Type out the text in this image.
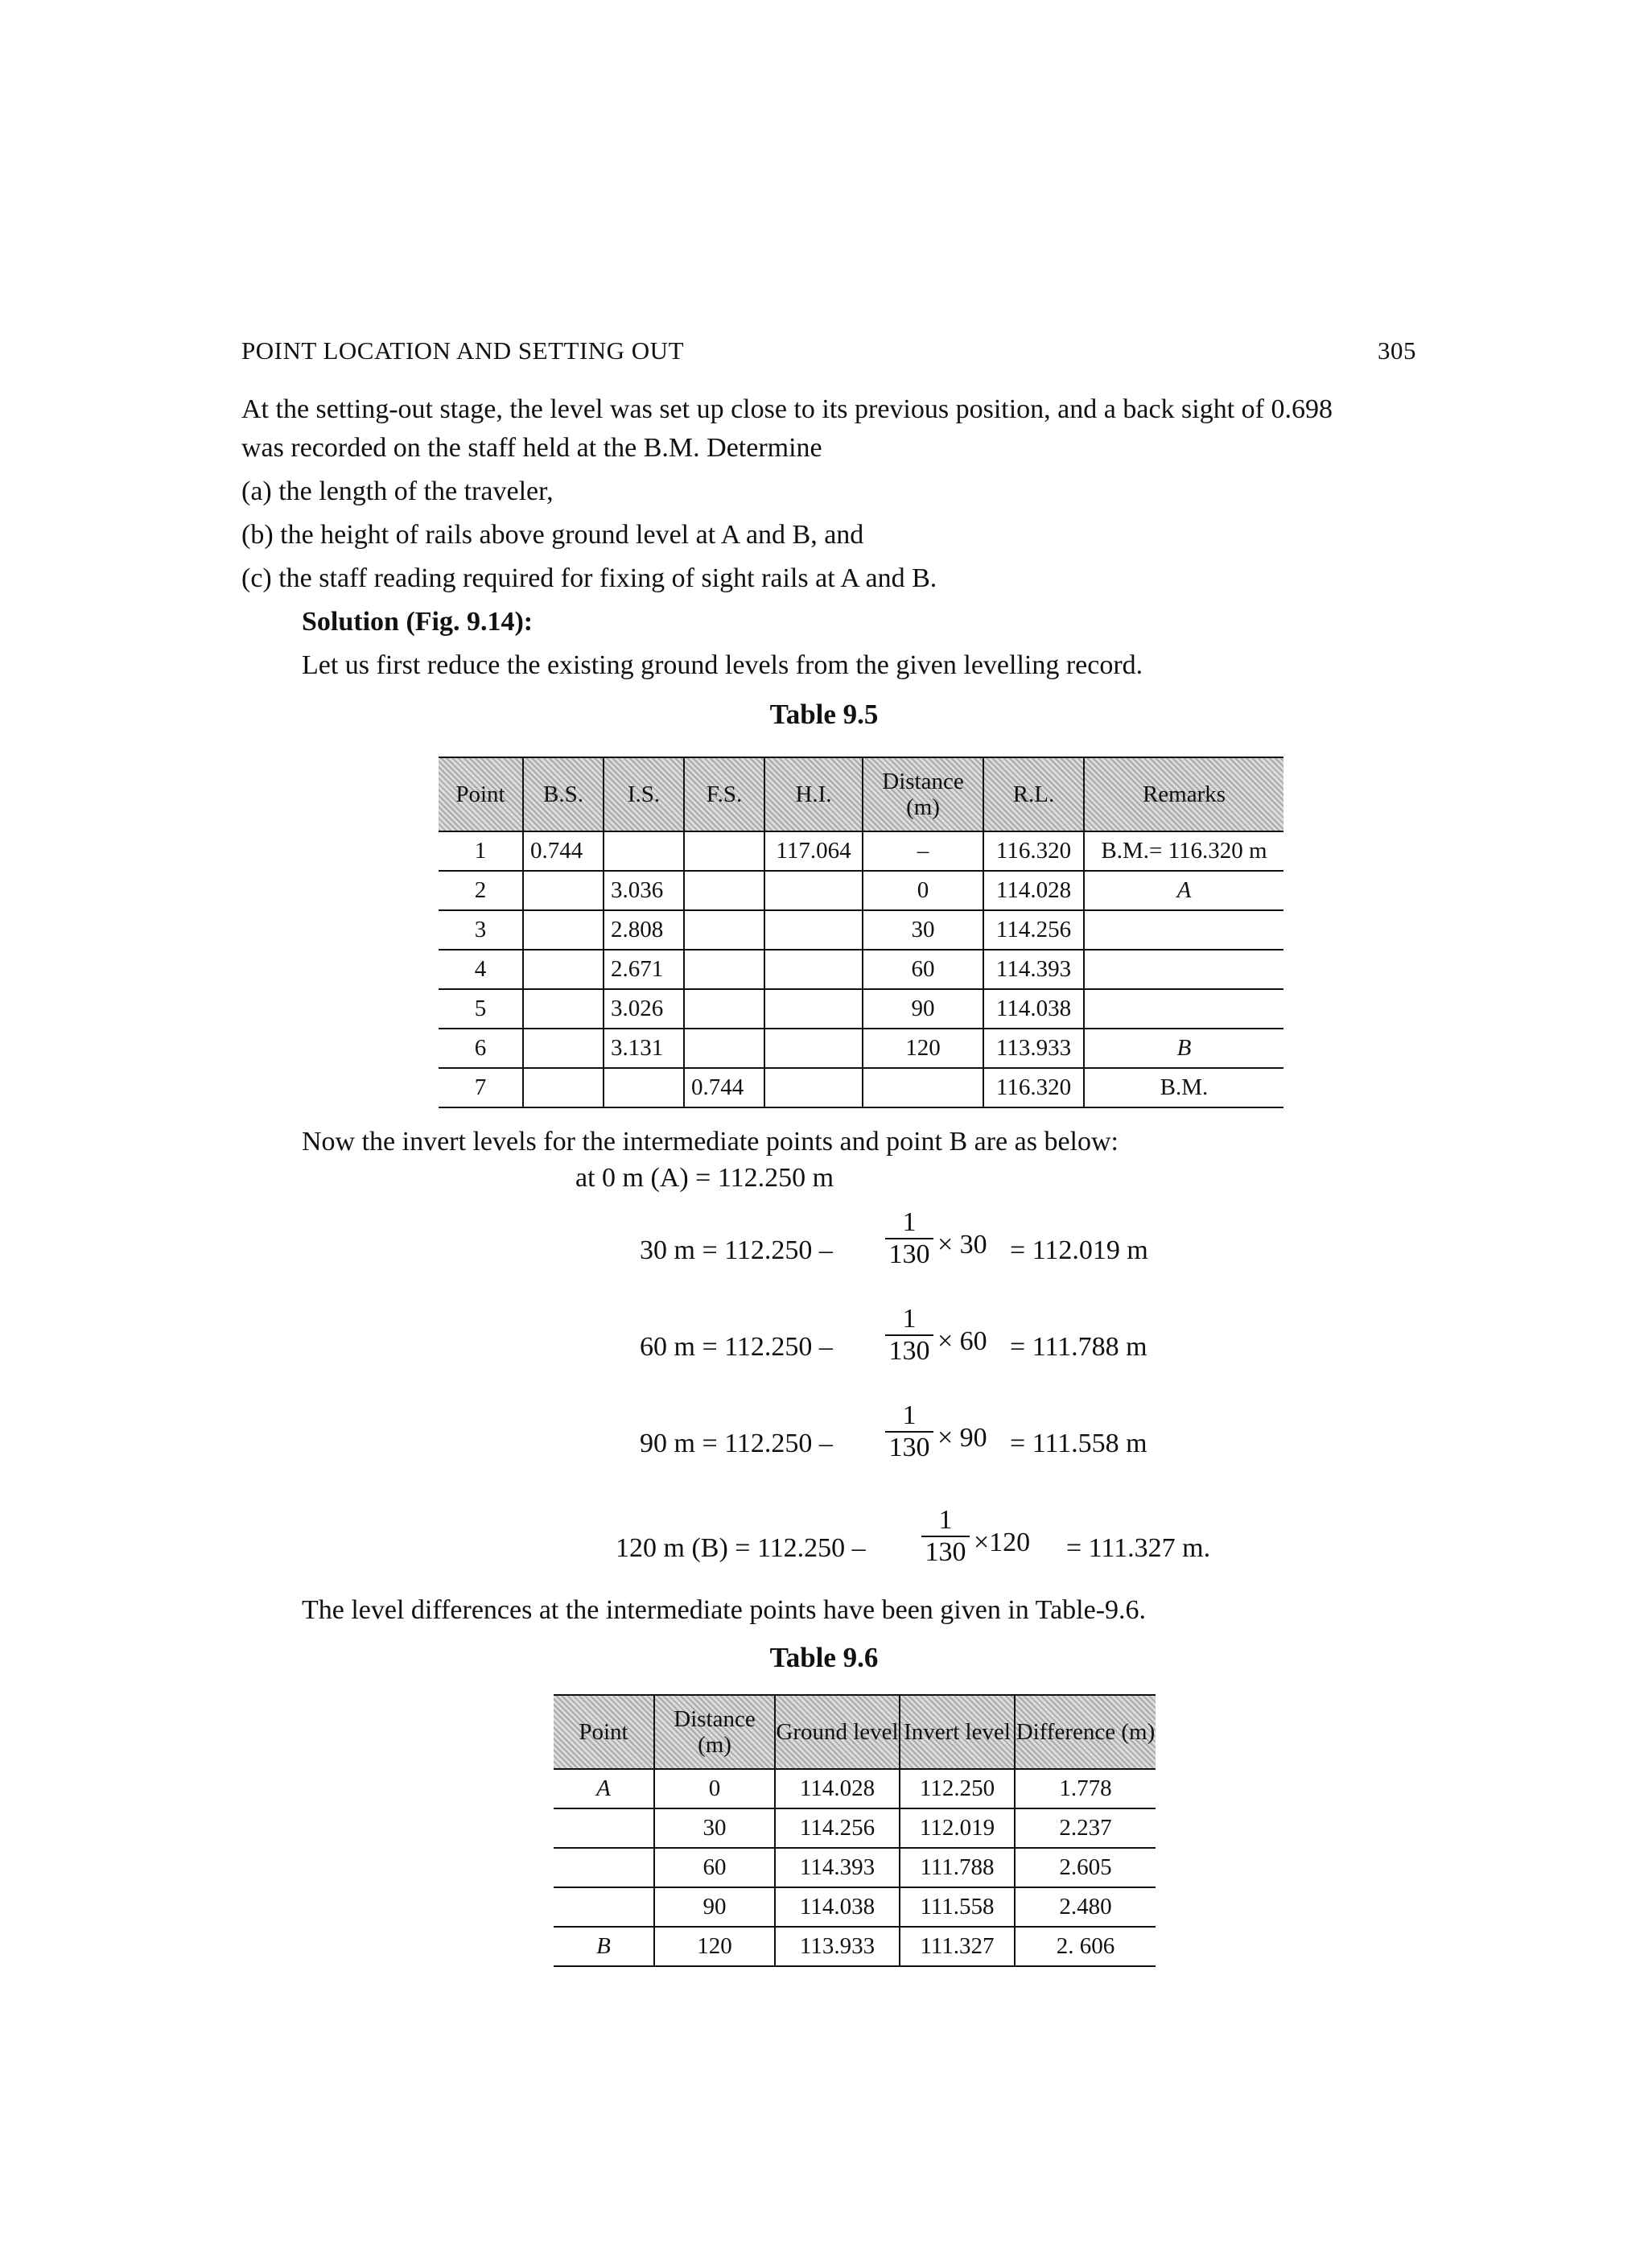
POINT LOCATION AND SETTING OUT	305
At the setting-out stage, the level was set up close to its previous position, and a back sight of 0.698
was recorded on the staff held at the B.M. Determine
(a) the length of the traveler,
(b) the height of rails above ground level at A and B, and
(c) the staff reading required for fixing of sight rails at A and B.
Solution (Fig. 9.14):
Let us first reduce the existing ground levels from the given levelling record.
Table 9.5
Point	B.S.	I.S.	F.S.	H.I.	Distance (m)	R.L.	Remarks
1	0.744			117.064	–	116.320	B.M.= 116.320 m
2		3.036			0	114.028	A
3		2.808			30	114.256	
4		2.671			60	114.393	
5		3.026			90	114.038	
6		3.131			120	113.933	B
7			0.744			116.320	B.M.
Now the invert levels for the intermediate points and point B are as below:
at 0 m (A) = 112.250 m
30 m = 112.250 –
1
130 × 30 = 112.019 m
60 m = 112.250 –
1
130 × 60 = 111.788 m
90 m = 112.250 –
1
130 × 90 = 111.558 m
120 m (B) = 112.250 –
1
130 ×120 = 111.327 m.
The level differences at the intermediate points have been given in Table-9.6.
Table 9.6
Point	Distance (m)	Ground level	Invert level	Difference (m)
A	0	114.028	112.250	1.778
	30	114.256	112.019	2.237
	60	114.393	111.788	2.605
	90	114.038	111.558	2.480
B	120	113.933	111.327	2. 606
